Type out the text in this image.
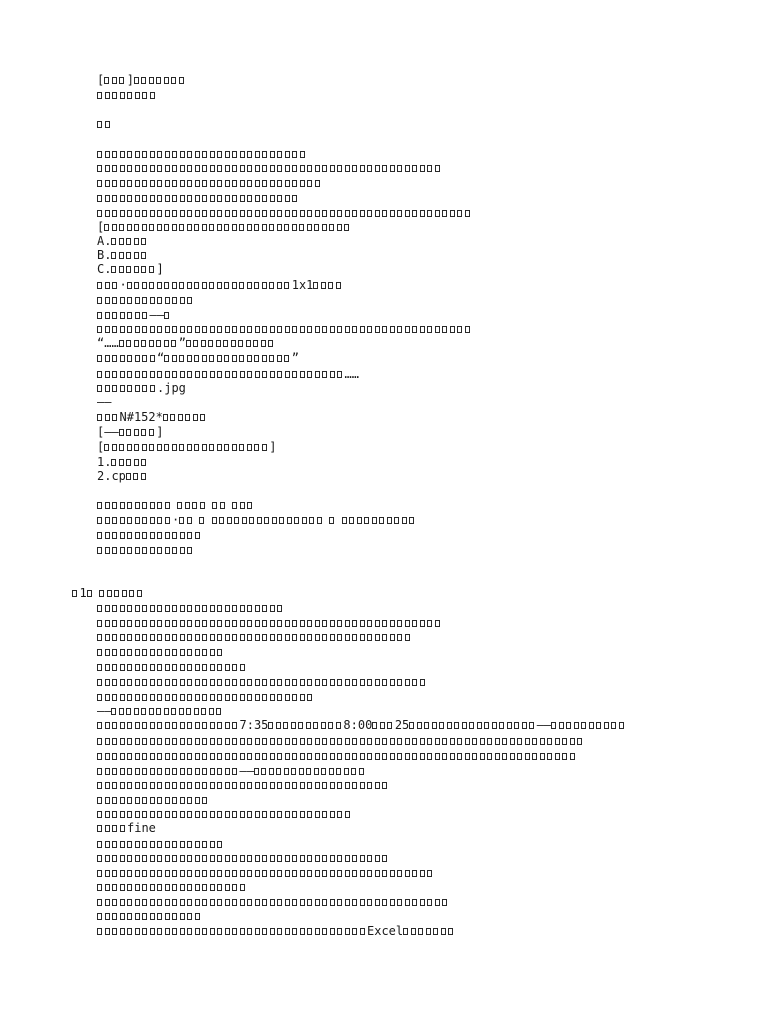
[ ]
[
A.
B.
C.	]
·	1x1
——
“ ……	”
“	”
……
.jpg
——
N#152*
[ ——	]
[	]
1.
2.cp
·
1
——
7:35	8:00 25	——
——
fine
Excel
